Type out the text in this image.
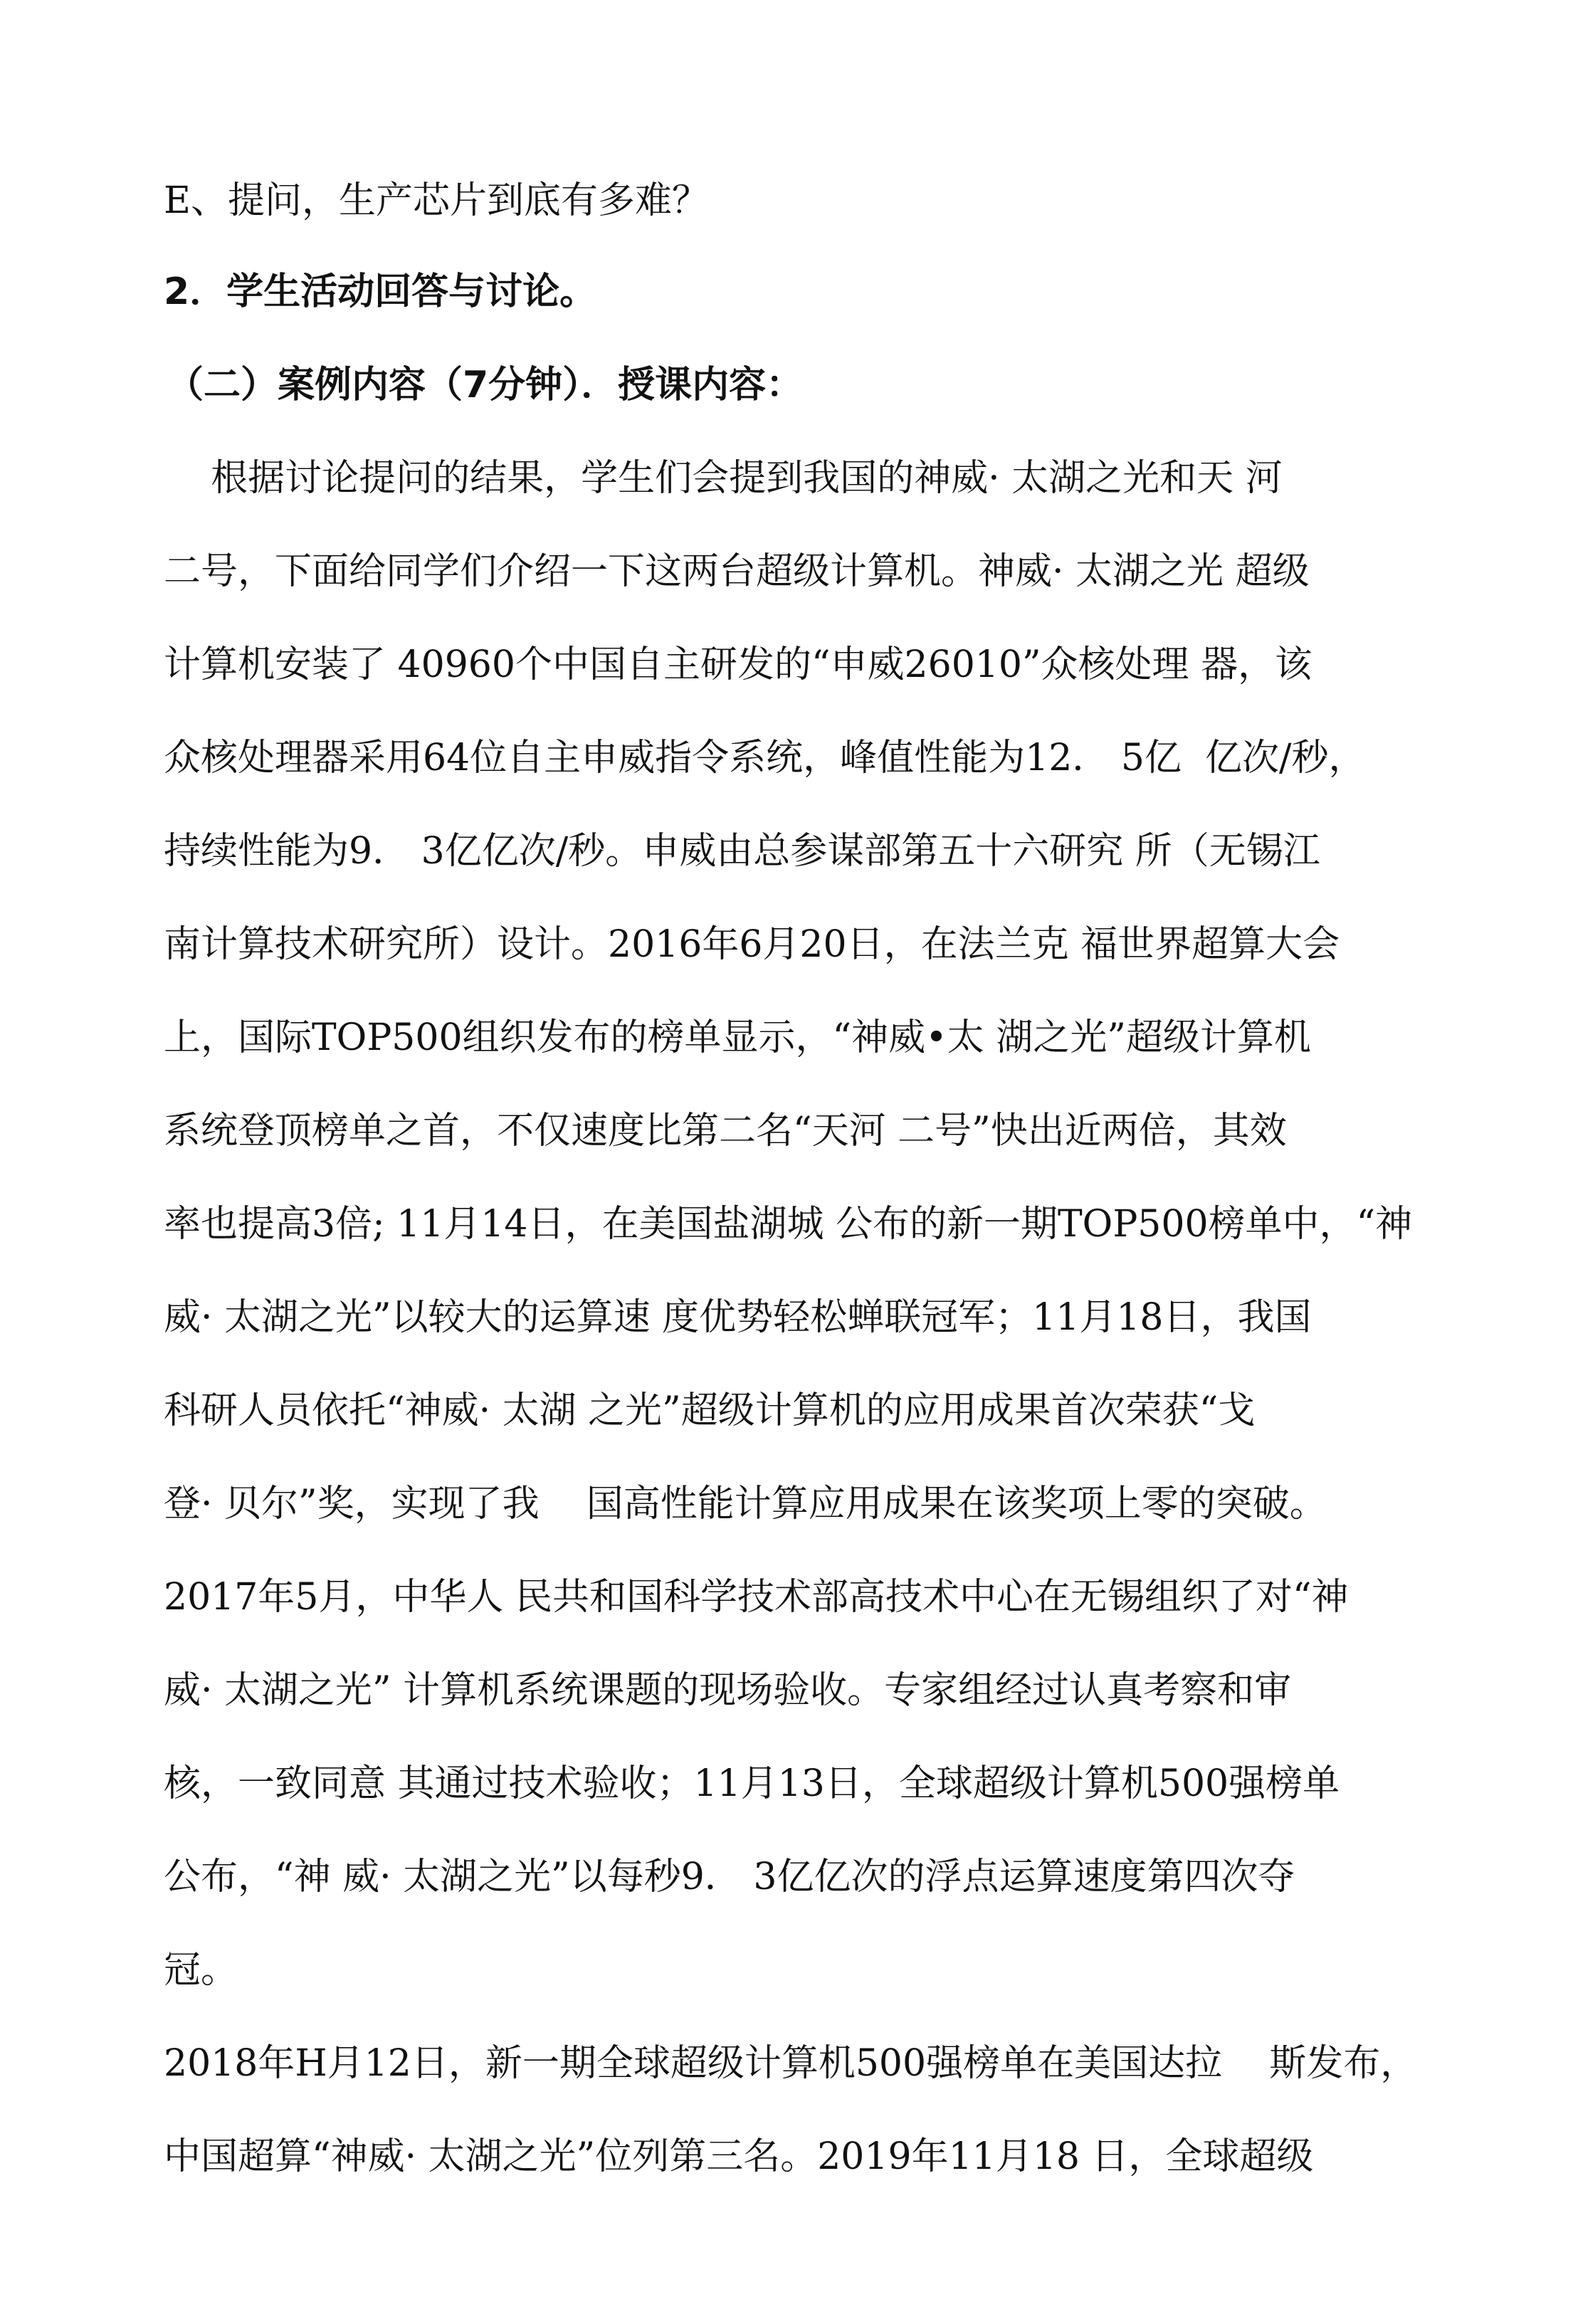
E、提问，生产芯片到底有多难？
2．学生活动回答与讨论。
（二）案例内容（7分钟）．授课内容：
根据讨论提问的结果，学生们会提到我国的神威· 太湖之光和天 河
二号，下面给同学们介绍一下这两台超级计算机。神威· 太湖之光 超级
计算机安装了 40960个中国自主研发的“申威26010”众核处理 器，该
众核处理器采用64位自主申威指令系统，峰值性能为12． 5亿  亿次/秒，
持续性能为9． 3亿亿次/秒。申威由总参谋部第五十六研究 所（无锡江
南计算技术研究所）设计。2016年6月20日，在法兰克 福世界超算大会
上，国际TOP500组织发布的榜单显示，“神威•太 湖之光”超级计算机
系统登顶榜单之首，不仅速度比第二名“天河 二号”快出近两倍，其效
率也提高3倍; 11月14日，在美国盐湖城 公布的新一期TOP500榜单中，“神
威· 太湖之光”以较大的运算速 度优势轻松蝉联冠军；11月18日，我国
科研人员依托“神威· 太湖 之光”超级计算机的应用成果首次荣获“戈
登· 贝尔”奖，实现了我    国高性能计算应用成果在该奖项上零的突破。
2017年5月，中华人 民共和国科学技术部高技术中心在无锡组织了对“神
威· 太湖之光” 计算机系统课题的现场验收。专家组经过认真考察和审
核，一致同意 其通过技术验收；11月13日，全球超级计算机500强榜单
公布，“神 威· 太湖之光”以每秒9． 3亿亿次的浮点运算速度第四次夺
冠。
2018年H月12日，新一期全球超级计算机500强榜单在美国达拉    斯发布，
中国超算“神威· 太湖之光”位列第三名。2019年11月18 日，全球超级
